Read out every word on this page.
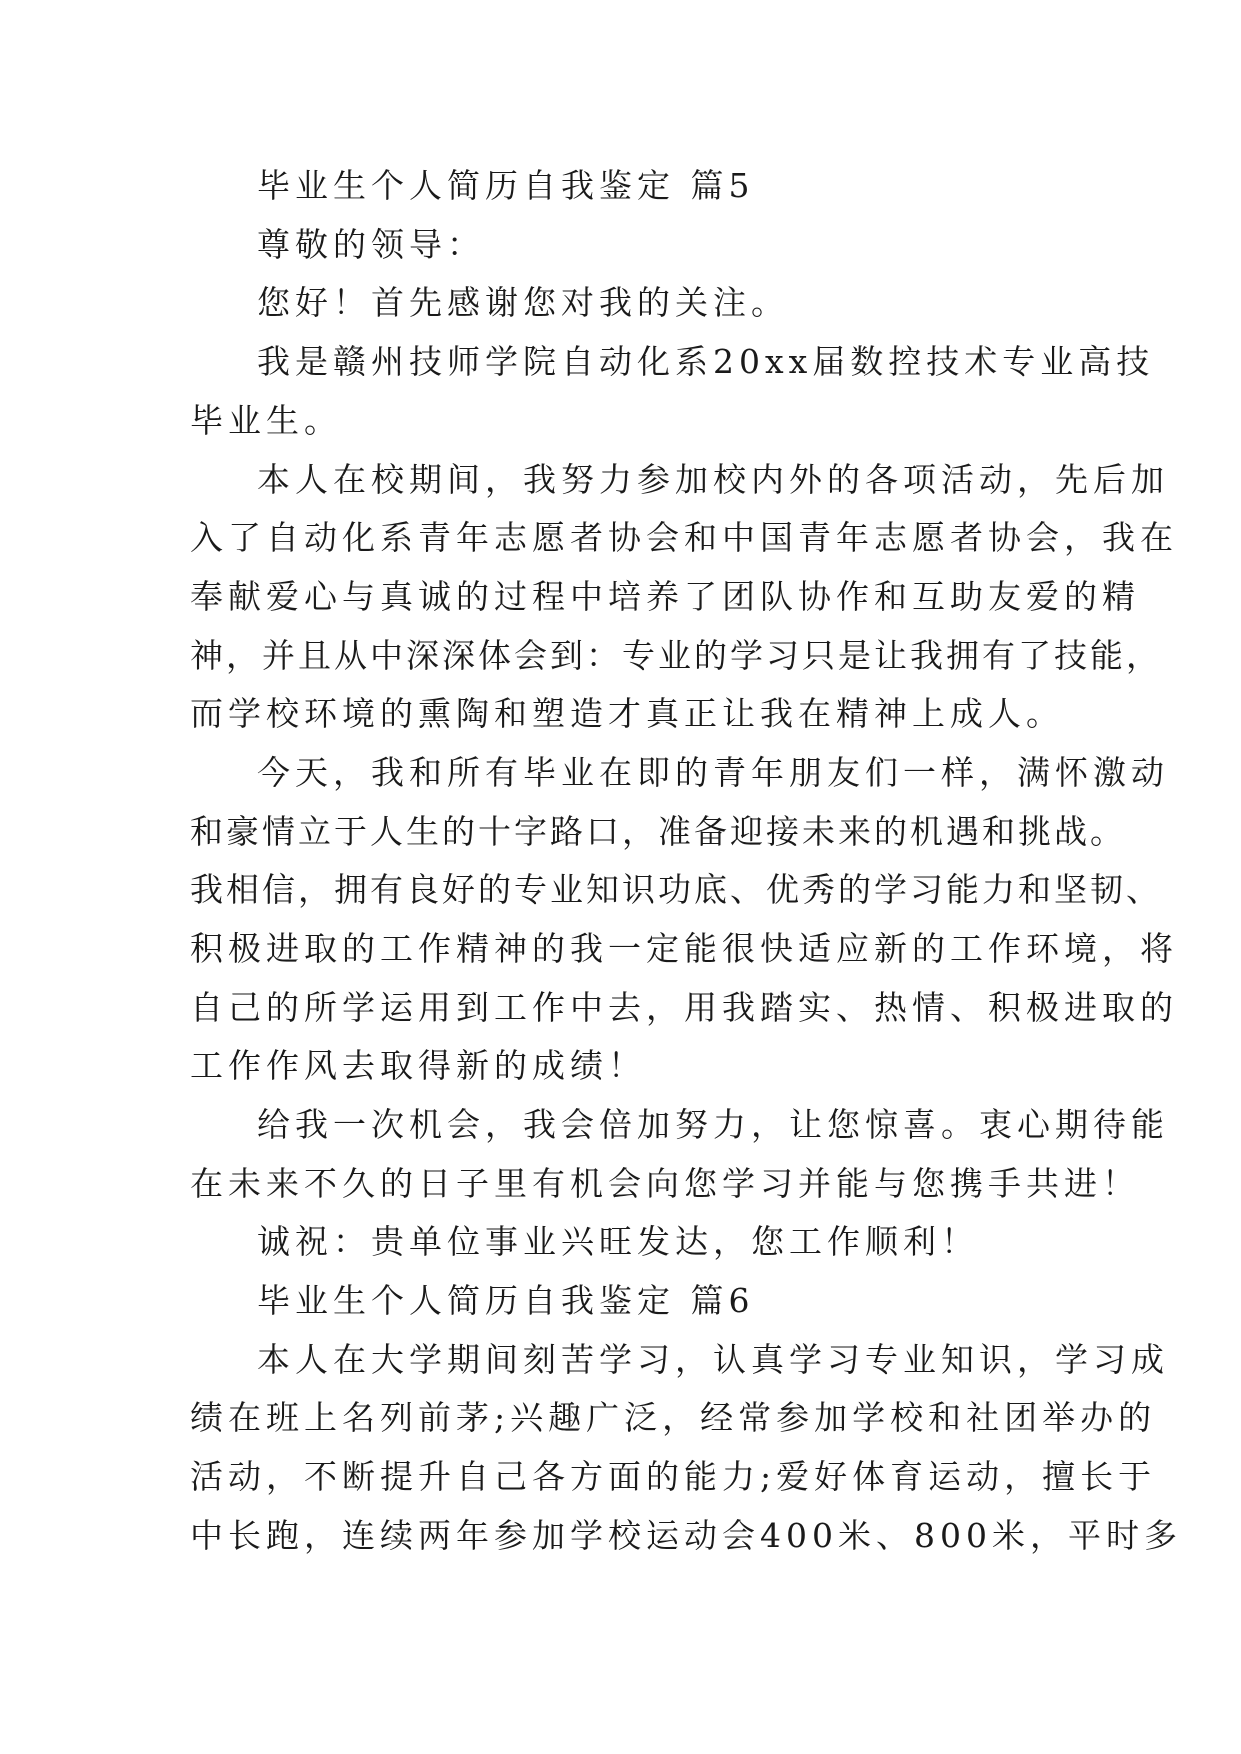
毕业生个人简历自我鉴定 篇5
尊敬的领导：
您好！首先感谢您对我的关注。
我是赣州技师学院自动化系20xx届数控技术专业高技
毕业生。
本人在校期间，我努力参加校内外的各项活动，先后加
入了自动化系青年志愿者协会和中国青年志愿者协会，我在
奉献爱心与真诚的过程中培养了团队协作和互助友爱的精
神，并且从中深深体会到：专业的学习只是让我拥有了技能，
而学校环境的熏陶和塑造才真正让我在精神上成人。
今天，我和所有毕业在即的青年朋友们一样，满怀激动
和豪情立于人生的十字路口，准备迎接未来的机遇和挑战。
我相信，拥有良好的专业知识功底、优秀的学习能力和坚韧、
积极进取的工作精神的我一定能很快适应新的工作环境，将
自己的所学运用到工作中去，用我踏实、热情、积极进取的
工作作风去取得新的成绩！
给我一次机会，我会倍加努力，让您惊喜。衷心期待能
在未来不久的日子里有机会向您学习并能与您携手共进！
诚祝：贵单位事业兴旺发达，您工作顺利！
毕业生个人简历自我鉴定 篇6
本人在大学期间刻苦学习，认真学习专业知识，学习成
绩在班上名列前茅;兴趣广泛，经常参加学校和社团举办的
活动，不断提升自己各方面的能力;爱好体育运动，擅长于
中长跑，连续两年参加学校运动会400米、800米，平时多
